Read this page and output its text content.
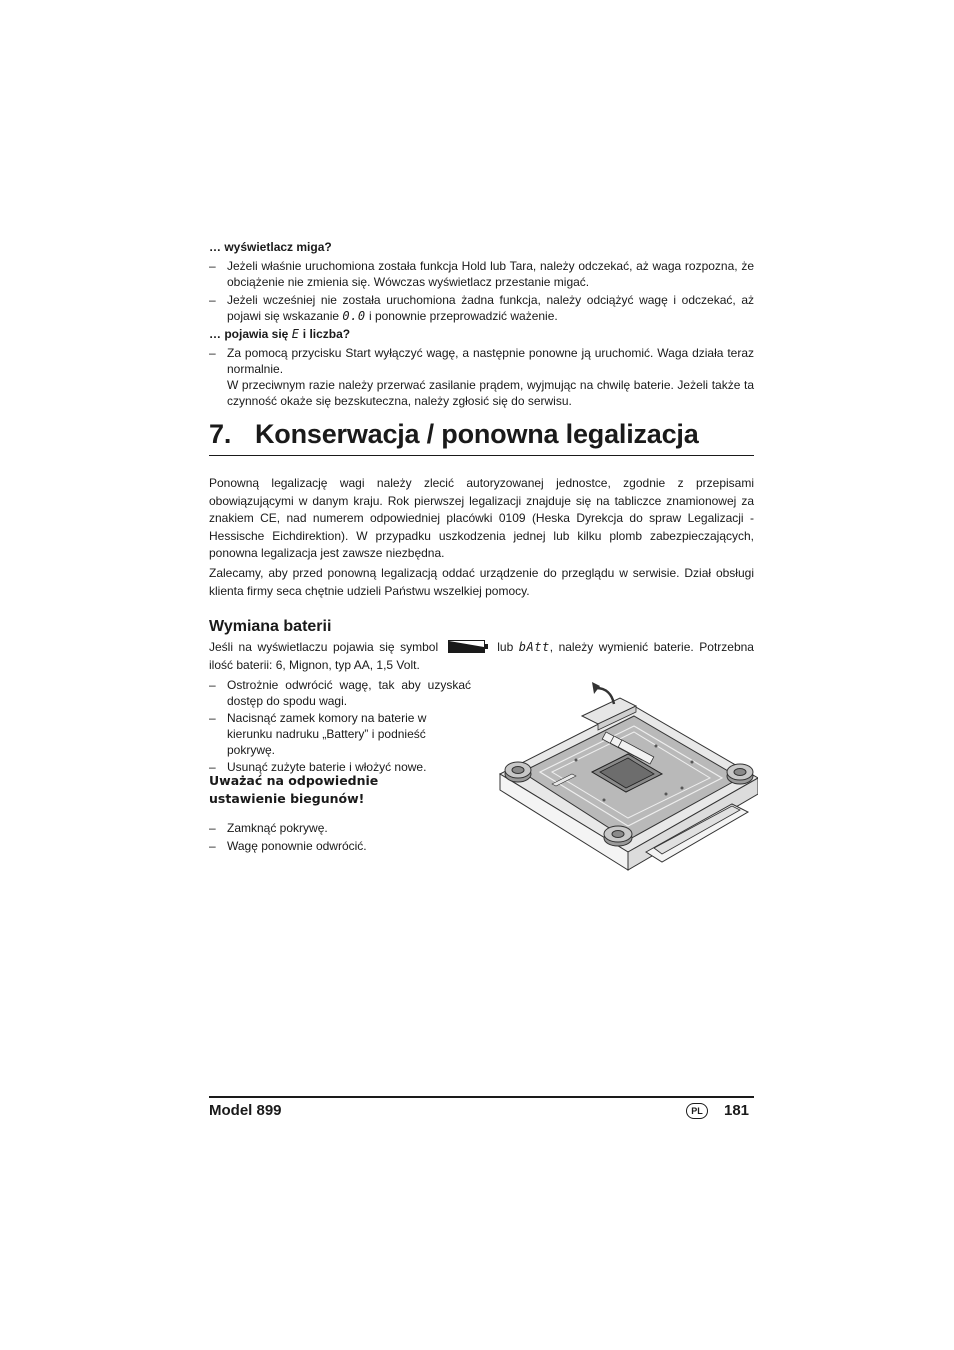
… wyświetlacz miga?
– Jeżeli właśnie uruchomiona została funkcja Hold lub Tara, należy odczekać, aż waga rozpozna, że obciążenie nie zmienia się. Wówczas wyświetlacz przestanie migać.
– Jeżeli wcześniej nie została uruchomiona żadna funkcja, należy odciążyć wagę i odczekać, aż pojawi się wskazanie 0.0 i ponownie przeprowadzić ważenie.
… pojawia się E i liczba?
– Za pomocą przycisku Start wyłączyć wagę, a następnie ponowne ją uruchomić. Waga działa teraz normalnie.
W przeciwnym razie należy przerwać zasilanie prądem, wyjmując na chwilę baterie. Jeżeli także ta czynność okaże się bezskuteczna, należy zgłosić się do serwisu.
7. Konserwacja / ponowna legalizacja
Ponowną legalizację wagi należy zlecić autoryzowanej jednostce, zgodnie z przepisami obowiązującymi w danym kraju. Rok pierwszej legalizacji znajduje się na tabliczce znamionowej za znakiem CE, nad numerem odpowiedniej placówki 0109 (Heska Dyrekcja do spraw Legalizacji - Hessische Eichdirektion). W przypadku uszkodzenia jednej lub kilku plomb zabezpieczających, ponowna legalizacja jest zawsze niezbędna.
Zalecamy, aby przed ponowną legalizacją oddać urządzenie do przeglądu w serwisie. Dział obsługi klienta firmy seca chętnie udzieli Państwu wszelkiej pomocy.
Wymiana baterii
Jeśli na wyświetlaczu pojawia się symbol	lub bAtt, należy wymienić baterie. Potrzebna ilość baterii: 6, Mignon, typ AA, 1,5 Volt.
– Ostrożnie odwrócić wagę, tak aby uzyskać dostęp do spodu wagi.
– Nacisnąć zamek komory na baterie w kierunku nadruku „Battery” i podnieść pokrywę.
– Usunąć zużyte baterie i włożyć nowe.
Uważać na odpowiednie
ustawienie biegunów!
– Zamknąć pokrywę.
– Wagę ponownie odwrócić.
Model 899	PL	181
